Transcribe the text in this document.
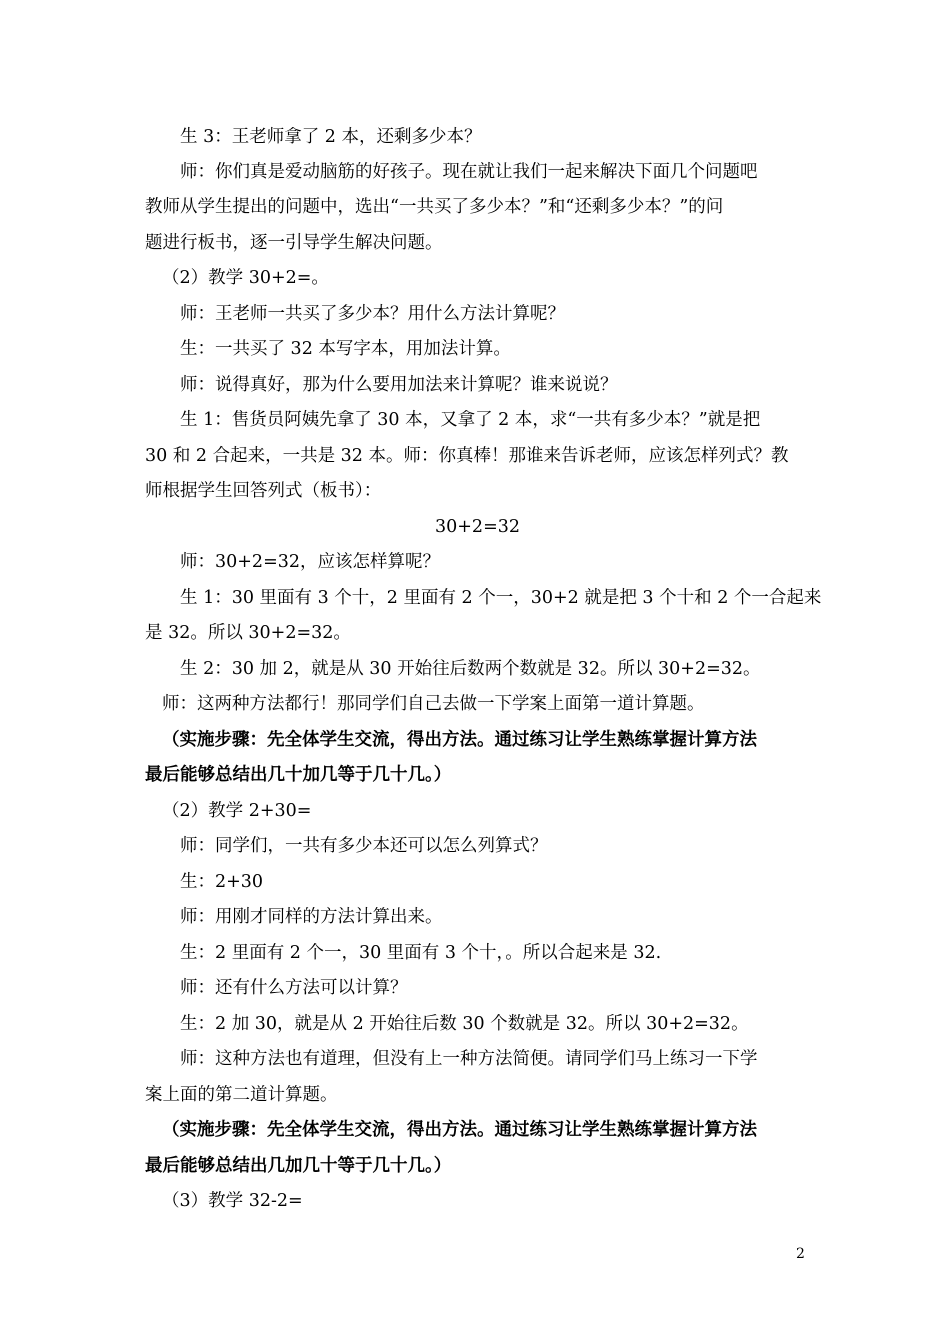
生 3：王老师拿了 2 本，还剩多少本？
师：你们真是爱动脑筋的好孩子。现在就让我们一起来解决下面几个问题吧
教师从学生提出的问题中，选出“一共买了多少本？”和“还剩多少本？”的问
题进行板书，逐一引导学生解决问题。
（2）教学 30+2=。
师：王老师一共买了多少本？用什么方法计算呢？
生：一共买了 32 本写字本，用加法计算。
师：说得真好，那为什么要用加法来计算呢？谁来说说？
生 1：售货员阿姨先拿了 30 本，又拿了 2 本，求“一共有多少本？”就是把
30 和 2 合起来，一共是 32 本。师：你真棒！那谁来告诉老师，应该怎样列式？教
师根据学生回答列式（板书）：
30+2=32
师：30+2=32，应该怎样算呢？
生 1：30 里面有 3 个十，2 里面有 2 个一，30+2 就是把 3 个十和 2 个一合起来
是 32。所以 30+2=32。
生 2：30 加 2，就是从 30 开始往后数两个数就是 32。所以 30+2=32。
师：这两种方法都行！那同学们自己去做一下学案上面第一道计算题。
（实施步骤：先全体学生交流，得出方法。通过练习让学生熟练掌握计算方法
最后能够总结出几十加几等于几十几。）
（2）教学 2+30=
师：同学们，一共有多少本还可以怎么列算式？
生：2+30
师：用刚才同样的方法计算出来。
生：2 里面有 2 个一，30 里面有 3 个十，。所以合起来是 32.
师：还有什么方法可以计算？
生：2 加 30，就是从 2 开始往后数 30 个数就是 32。所以 30+2=32。
师：这种方法也有道理，但没有上一种方法简便。请同学们马上练习一下学
案上面的第二道计算题。
（实施步骤：先全体学生交流，得出方法。通过练习让学生熟练掌握计算方法
最后能够总结出几加几十等于几十几。）
（3）教学 32-2=
2
